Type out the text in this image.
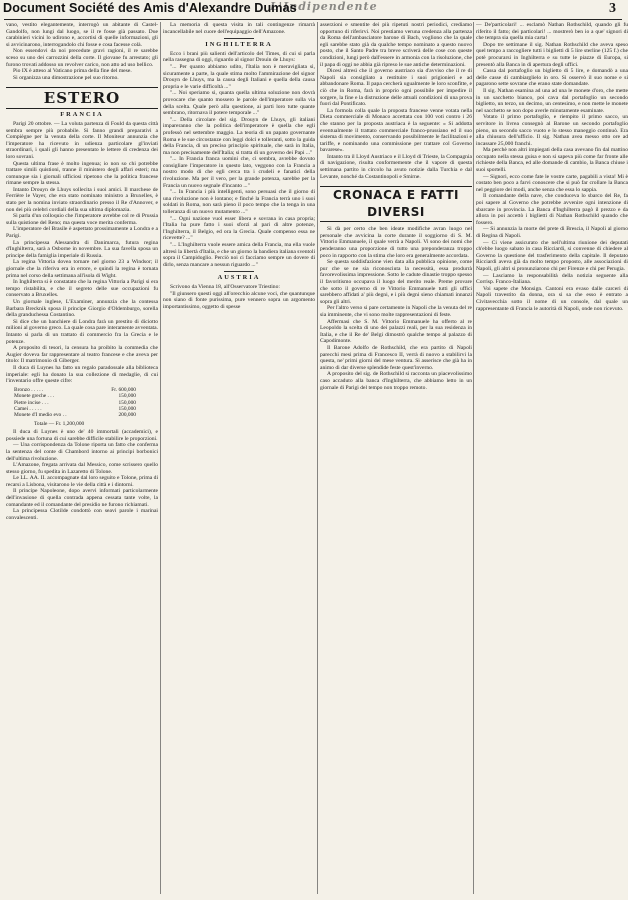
Document Société des Amis d'Alexandre Dumas
L'Indipendente	3

vano, vestito elegantemente, interrogò un abitante di Castel-Gandolfo, non lungi dal luogo, se il re fosse già passato. Due carabinieri vicini lo udirono e, accortisi di quelle informazioni, gli si avvicinarono, interrogandolo chi fosse e cosa facesse colà.

Non essendovi da noi precedute gravi ragioni, il re sarebbe sceso su uno dei carrozzini della corte. Il giovane fu arrestato; gli furono trovati addosso un revolver carico, non atto ad uso bellico.

Pio IX è atteso al Vaticano prima della fine del mese.

Si organizza una dimostrazione pel suo ritorno.

ESTERO
FRANCIA

Parigi 20 ottobre. — La voluta partenza di Fould da questa città sembra sempre più probabile. Si fanno grandi preparativi a Compiègne per la venuta della corte. Il Moniteur annunzia che l'imperatore ha ricevuto in udienza particolare gl'inviati straordinari, i quali gli hanno presentato le lettere di credenza dei loro sovrani.

Questa ultima frase è molto ingenua; io non so chi potrebbe trattare simili quistioni, tranne il ministero degli affari esteri; ma comunque sia i giornali ufficiosi ripetono che la politica francese rimane sempre la stessa.

Intanto Drouyn de Lhuys sollecita i suoi amici. Il marchese de Ferrière le Vayer, che era stato nominato ministro a Bruxelles, è stato per la nomina inviato straordinario presso il Re d'Annover, e non dei più celebri cordiali della sua ultima diplomazia.

Si parla d'un colloquio che l'imperatore avrebbe col re di Prussia sulla quistione del Reno; ma questa voce merita conferma.

L'imperatore del Brasile è aspettato prossimamente a Londra e a Parigi.

La principessa Alessandra di Danimarca, futura regina d'Inghilterra, sarà a Osborne in novembre. La sua favella sposa un principe della famiglia imperiale di Russia.

La regina Vittoria dovea tornare nel giorno 23 a Windsor; il giornale che la riferiva era in errore, e quindi la regina è tornata prima nel corso della settimana all'isola di Wight.

In Inghilterra si è constatato che la regina Vittoria a Parigi si era tempo ristabilita, e che il segreto delle sue occupazioni fu conservato a Bruxelles.

Un giornale inglese, L'Examiner, annunzia che la contessa Barbara Brecknik sposa il principe Giorgio d'Oldemburgo, sorella della granduchessa Costantino.

Si dice che un banchiere di Londra farà un prestito di diciotto milioni al governo greco. La quale cosa pare interamente avventata. Intanto si parla di un trattato di commercio fra la Grecia e le potenze.

A proposito di tesori, la censura ha proibito la commedia che Augier doveva far rappresentare al teatro francese e che aveva per titolo: Il matrimonio di Giberger.

Il duca di Luynes ha fatto un regalo paradossale alla biblioteca imperiale: egli ha donato la sua collezione di medaglie, di cui l'inventario offre queste cifre:

Bronzo . . . . .	Fr. 600,000
Monete greche . . .	150,000
Pietre incise . . .	150,000
Camei . . . . .	150,000
Monete d'I medio evo . .	200,000
Totale — Fr. 1,200,000

Il duca di Luynes è uno de' 40 immortali (accademici), e possiede una fortuna di cui sarebbe difficile stabilire le proporzioni.

— Una corrispondenza da Tolone riporta un fatto che conferma la sentenza del conte di Chambord intorno ai principi borbonici dell'ultima rivoluzione.

L'Amazone, fregata arrivata dal Messico, come scrissero quello stesso giorno, fu spedita in Lazaretto di Tolone.

Le LL. AA. II. accompagnate dal loro seguito e Tolone, prima di recarsi a Lisbona, visitarono le vie della città e i dintorni.

Il principe Napoleone, dopo avervi informati particolarmente dell'invasione di quella contrada appena cessata tante volte, la comandante ed il comandante del presidio ne furono richiamati.

La principessa Clotilde condottò con seavi parole i marinai convalescenti.

La memoria di questa visita in tali contingenze rimarrà incancellabile nel cuore dell'equipaggio dell'Amazone.

INGHILTERRA

Ecco i brani più salienti dell'articolo del Times, di cui si parla nella rassegna di oggi, riguardo al signor Drouin de Lhuys:

"... Per quanto abbiamo udito, l'Italia non è meravigliata sì, sicuramente a parte, la quale stima molto l'ammirazione del signor Drouyn de Lhuys, ma la causa degli Italiani e quella della causa propria e le varie difficoltà ..."

"... Noi speriamo sì, quanta quella ultima soluzione non dovrà provocare che quanto mossero le parole dell'imperatore sulla via della scelta. Quale però alla questione, ai parti loro tutte quante sembrano, ritornava il potere temporale ..."

"... Della circolare del sig. Drouyn de Lhuys, gli italiani impareranno che la politica dell'imperatore è quella che egli professò nel settembre maggio. La teoria di un papato governante Roma e le sue circostanze con leggi dolci e tolleranti, sotto la guida della Francia, di un preciso principio spirituale, che sarà in Italia, ma non precisamente dell'Italia; si tratta di un governo dei Papi ..."

"... In Francia franca uomini che, ci sembra, avrebbe dovuto consigliare l'imperatore in questo lato, veggono con la Francia a nostro modo di che egli cerca tra i crudeli e fanatici della rivoluzione. Ma per il vero, per la grande potenza, sarebbe per la Francia un nuovo segnale d'incanto ..."

"... In Francia i più intelligenti, sono persuasi che il giorno di una rivoluzione non è lontano; e finché la Francia terrà uno i suoi soldati in Roma, non sarà pieno il poco tempo che la tenga in una tolleranza di un nuovo mutamento ..."

"... Ogni nazione vuol esser libera e sovrana in casa propria; l'Italia ha pure fatto i suoi sforzi al pari di altre potenze, l'Inghilterra, il Belgio, ed ora la Grecia. Quale compenso essa ne ricevette? ..."

"... L'Inghilterra vuole essere amica della Francia, ma ella vuole altresì la libertà d'Italia, e che un giorno la bandiera italiana sventoli sopra il Campidoglio. Perciò noi ci facciamo sempre un dovere di dirlo, senza mancare a nessun riguardo ..."

AUSTRIA

Scrivono da Vienna 18, all'Osservatore Triestino:

"Il giunsero questi oggi all'orecchio alcune voci, che quantunque non siano di fonte purissima, pure vennero sopra un argomento importantissimo, oggetto di spesse

asserzioni e smentite dei più ripetuti nostri periodici, crediamo opportuno di riferirvi. Noi prestiamo veruna credenza alla partenza da Roma dell'ambasciatore barone di Bach, vogliono che la quale egli sarebbe stato già da qualche tempo nominato a questo nuovo posto, che il Santo Padre tra breve scriverà delle cose con queste condizioni, lungi però dall'essere in armonia con la risoluzione, che il papa di oggi ne abbia già ripreso le sue antiche determinazioni.

Dicesi altresì che il governo austriaco sia d'avviso che il re di Napoli sia consigliato a restituire i suoi prigionieri e ad abbandonare Roma. Il papa cercherà ugualmente le loro sconfitte, e ciò che in Roma, farà in proprio ogni possibile per impedire il sorgere, la fine e la distruzione delle attuali condizioni di una prova fuori dal Pontificato.

La formola colla quale la proposta francese venne votata nella Dieta commerciale di Monaco accettata con 100 voti contro i 26 che stanno per la proposta austriaca è la seguente: « Si addotta eventualmente il trattato commerciale franco-prussiano ed il suo sistema di movimento, conservando possibilmente le facilitazioni e tariffe, e nominando una commissione per trattare col Governo bavarese».

Intanto tra il Lloyd Austriaco e il Lloyd di Trieste, la Compagnia di navigazione, risulta conformemente che il vapore di questa settimana partito in circolo ha avuto notizie dalla Turchia e dal Levante, nonché da Costantinopoli e Smirne.

CRONACA E FATTI DIVERSI

Si dà per certo che ben ideate modifiche avran luogo nel personale che avvicina la corte durante il soggiorno di S. M. Vittorio Emmanuele, il quale verrà a Napoli. Vi sono dei nomi che penderanno una proporzione di tutto una preponderanza troppo poco in rapporto con la stima che loro era generalmente accordata.

Se questa soddisfazione vien data alla pubblica opinione, come pur che se ne sia riconosciuta la necessità, essa produrrà favorevolissima impressione. Sotto le cadute dinastie troppo spesso il favoritismo occupava il luogo del merito reale. Preme provare che sotto il governo di re Vittorio Emmanuele tutti gli uffici sarebbero affidati a' più degni, e i più degni sieno chiamati innanzi sopra gli altri.

Per l'altro verso si pare certamente in Napoli che la venuta del re sia imminente, che vi sono molte rappresentazioni di feste.

Affermasi che S. M. Vittorio Emmanuele ha offerto al re Leopoldo la scelta di uno dei palazzi reali, per la sua residenza in Italia, e che il Re de' Belgi dimostrò qualche tempo al palazzo di Capodimonte.

Il Barone Adolfo de Rothschild, che era partito di Napoli parecchi mesi prima di Francesco II, verrà di nuovo a stabilirvi la questa, ne' primi giorni del mese ventura. Si asserisce che già ha in animo di dar diverse splendide feste quest'inverno.

A proposito del sig. de Rothschild si racconta un piacevolissimo caso accaduto alla banca d'Inghilterra, che abbiamo letto in un giornale di Parigi del tempo non troppo remoto.

— De'particolari! ... esclamò Nathan Rothschild, quando gli fu riferito il fatto; dei particolari! ... mostrerò ben io a que' signori di che tempra sia quella mia carta!

Dopo tre settimane il sig. Nathan Rothschild che aveva speso quel tempo a raccogliere tutti i biglietti di 5 lire sterline (125 f.) che potè procurarsi in Inghilterra e su tutte le piazze di Europa, si presentò alla Banca in dì apertura degli uffici.

Cassa dal portafoglio un biglietto di 5 lire, e domandò a una delle casse di cambiarglielo in oro. Si osservò il suo nome e si pagarono sette sovrane che erano state domandate.

Il sig. Nathan esamina ad una ad una le monete d'oro, che mette in un sacchetto bianco, poi cava dal portafoglio un secondo biglietto, un terzo, un decimo, un centesimo, e non mette le monete nel sacchetto se non dopo averle minutamente esaminate.

Votato il primo portafoglio, e riempito il primo sacco, un servitore in livrea consegnò al Barone un secondo portafoglio pieno, un secondo sacco vuoto e lo stesso maneggio continuò. Era alla chiusura dell'ufficio. Il sig. Nathan avea messo otto ore ad incassare 25,000 franchi.

Ma perchè non altri impiegati della casa avevano fin dal mattino occupato nella stessa guisa e non si sapeva più come far fronte alle richieste della Banca, ed alle domande di cambio, la Banca chiuse i suoi sportelli.

— Signori, ecco come fate le vostre carte, pagabili a vista! Mi è costato ben poco a farvi conoscere che si può far crollare la Banca nel peggiore dei modi, anche senza che essa lo sappia.

Il comandante della nave, che conduceva lo sbarco del Re, fa poi sapere al Governo che potrebbe avvenire ogni intenzione di sbarcare in provincia. La Banca d'Inghilterra pagò il prezzo e da allora in poi accettò i biglietti di Nathan Rothschild quando che fossero.

— Si annunzia la morte del prete di Brescia, il Napoli al giorno di Regina di Napoli.

— Ci viene assicurato che nell'ultima riunione dei deputati ch'ebbe luogo sabato in casa Ricciardi, si convenne di chiedere al Governo la questione del trasferimento della capitale. Il deputato Ricciardi aveva già da molto tempo proposto, alle associazioni di Napoli, gli altri si pronunziarono chi per Firenze e chi per Perugia.

— Lasciamo la responsabilità della notizia seguente alla Corrisp. Franco-Italiana.

Voi sapete che Monsign. Cantoni era evaso dalle carceri di Napoli travestito da donna, ora si sa che esso è entrato a Civitavecchia sotto il nome di un console, dal quale un rappresentante di Francia le autorità di Napoli, onde non ricevuto.
